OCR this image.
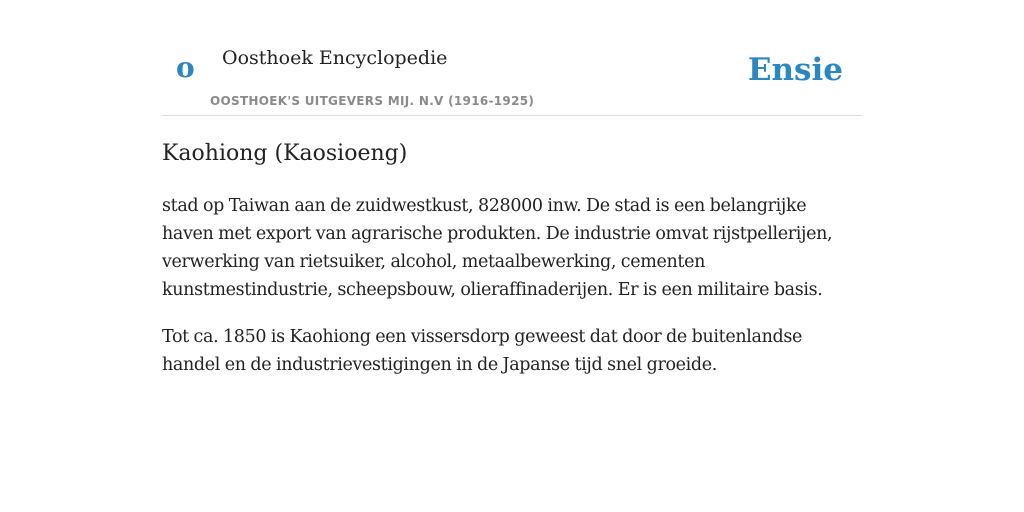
o Oosthoek Encyclopedie
OOSTHOEK'S UITGEVERS MIJ. N.V (1916-1925)
Ensie
Kaohiong (Kaosioeng)

stad op Taiwan aan de zuidwestkust, 828000 inw. De stad is een belangrijke haven met export van agrarische produkten. De industrie omvat rijstpellerijen, verwerking van rietsuiker, alcohol, metaalbewerking, cementen kunstmestindustrie, scheepsbouw, olieraffinaderijen. Er is een militaire basis.

Tot ca. 1850 is Kaohiong een vissersdorp geweest dat door de buitenlandse handel en de industrievestigingen in de Japanse tijd snel groeide.
